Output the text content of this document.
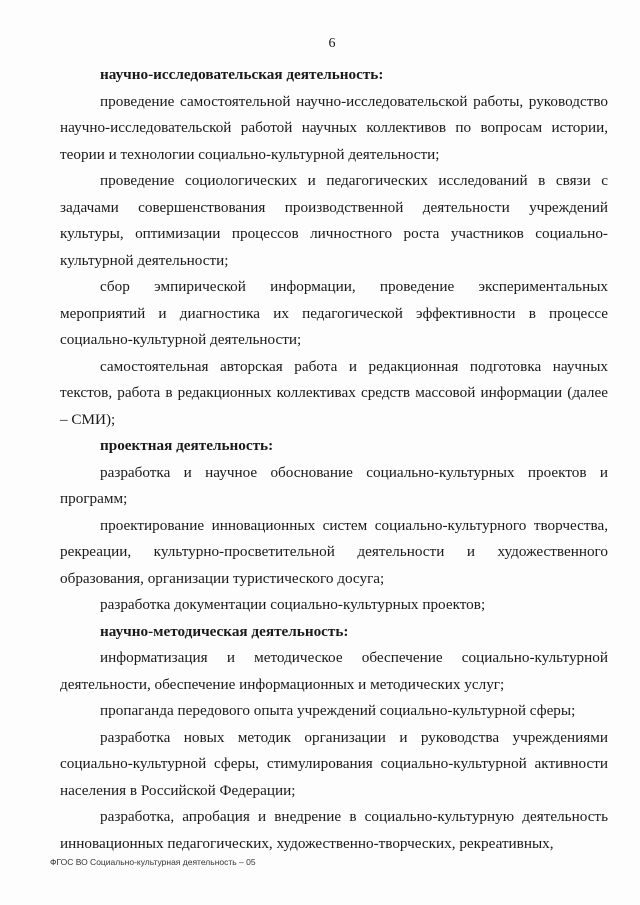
6

научно-исследовательская деятельность:

проведение самостоятельной научно-исследовательской работы, руководство научно-исследовательской работой научных коллективов по вопросам истории, теории и технологии социально-культурной деятельности;

проведение социологических и педагогических исследований в связи с задачами совершенствования производственной деятельности учреждений культуры, оптимизации процессов личностного роста участников социально-культурной деятельности;

сбор эмпирической информации, проведение экспериментальных мероприятий и диагностика их педагогической эффективности в процессе социально-культурной деятельности;

самостоятельная авторская работа и редакционная подготовка научных текстов, работа в редакционных коллективах средств массовой информации (далее – СМИ);

проектная деятельность:

разработка и научное обоснование социально-культурных проектов и программ;

проектирование инновационных систем социально-культурного творчества, рекреации, культурно-просветительной деятельности и художественного образования, организации туристического досуга;

разработка документации социально-культурных проектов;

научно-методическая деятельность:

информатизация и методическое обеспечение социально-культурной деятельности, обеспечение информационных и методических услуг;

пропаганда передового опыта учреждений социально-культурной сферы;

разработка новых методик организации и руководства учреждениями социально-культурной сферы, стимулирования социально-культурной активности населения в Российской Федерации;

разработка, апробация и внедрение в социально-культурную деятельность инновационных педагогических, художественно-творческих, рекреативных,

ФГОС ВО Социально-культурная деятельность – 05
